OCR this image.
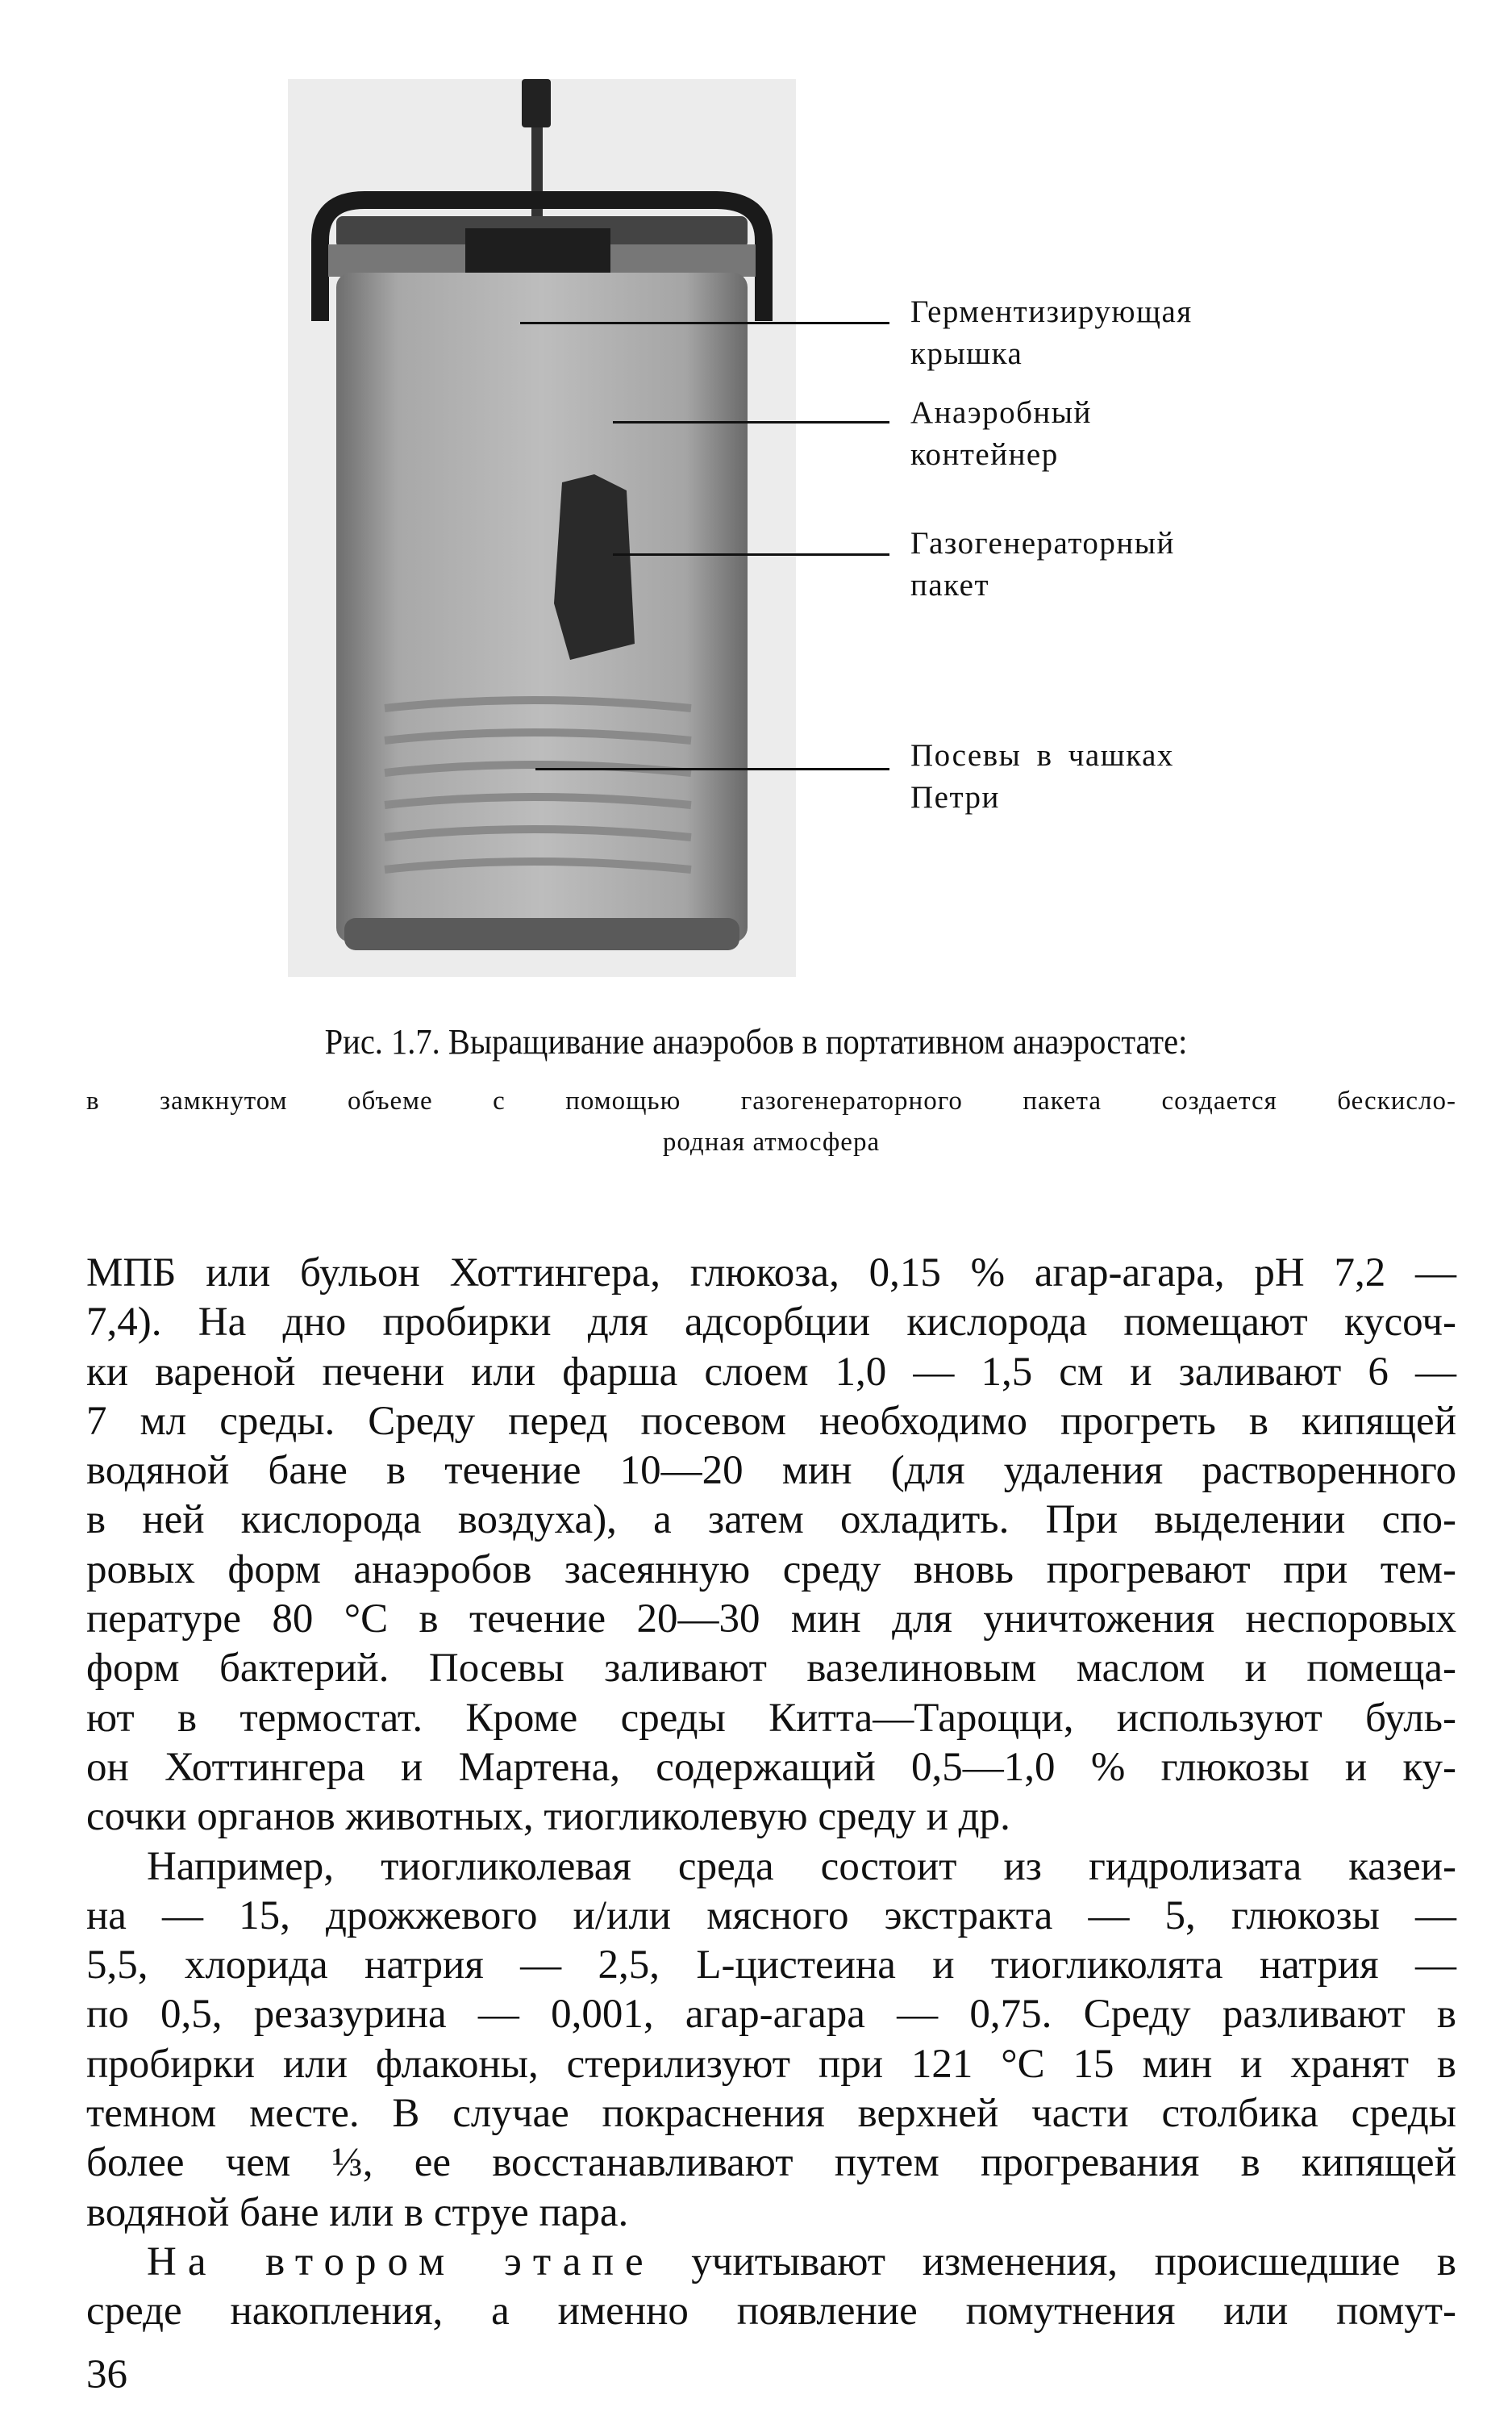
Герментизирующая
крышка
Анаэробный
контейнер
Газогенераторный
пакет
Посевы в чашках
Петри
Рис. 1.7. Выращивание анаэробов в портативном анаэростате:
в замкнутом объеме с помощью газогенераторного пакета создается бескисло-
родная атмосфера
МПБ или бульон Хоттингера, глюкоза, 0,15 % агар-агара, pH 7,2 —
7,4). На дно пробирки для адсорбции кислорода помещают кусоч-
ки вареной печени или фарша слоем 1,0 — 1,5 см и заливают 6 —
7 мл среды. Среду перед посевом необходимо прогреть в кипящей
водяной бане в течение 10—20 мин (для удаления растворенного
в ней кислорода воздуха), а затем охладить. При выделении спо-
ровых форм анаэробов засеянную среду вновь прогревают при тем-
пературе 80 °С в течение 20—30 мин для уничтожения неспоровых
форм бактерий. Посевы заливают вазелиновым маслом и помеща-
ют в термостат. Кроме среды Китта—Тароцци, используют буль-
он Хоттингера и Мартена, содержащий 0,5—1,0 % глюкозы и ку-
сочки органов животных, тиогликолевую среду и др.
Например, тиогликолевая среда состоит из гидролизата казеи-
на — 15, дрожжевого и/или мясного экстракта — 5, глюкозы —
5,5, хлорида натрия — 2,5, L-цистеина и тиогликолята натрия —
по 0,5, резазурина — 0,001, агар-агара — 0,75. Среду разливают в
пробирки или флаконы, стерилизуют при 121 °С 15 мин и хранят в
темном месте. В случае покраснения верхней части столбика среды
более чем ⅓, ее восстанавливают путем прогревания в кипящей
водяной бане или в струе пара.
На втором этапе учитывают изменения, происшедшие в
среде накопления, а именно появление помутнения или помут-
36
